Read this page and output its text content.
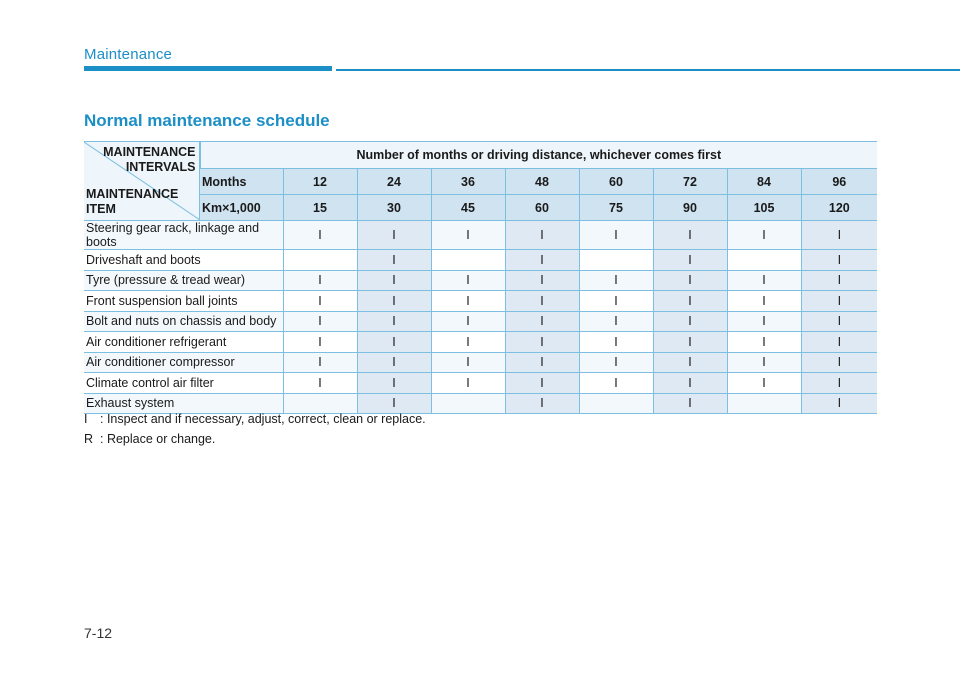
Maintenance
Normal maintenance schedule
MAINTENANCE
INTERVALS
MAINTENANCE
ITEM	Number of months or driving distance, whichever comes first								
	Months	12	24	36	48	60	72	84	96
	Km×1,000	15	30	45	60	75	90	105	120
Steering gear rack, linkage and boots		I	I	I	I	I	I	I	I
Driveshaft and boots			I		I		I		I
Tyre (pressure & tread wear)		I	I	I	I	I	I	I	I
Front suspension ball joints		I	I	I	I	I	I	I	I
Bolt and nuts on chassis and body		I	I	I	I	I	I	I	I
Air conditioner refrigerant		I	I	I	I	I	I	I	I
Air conditioner compressor		I	I	I	I	I	I	I	I
Climate control air filter		I	I	I	I	I	I	I	I
Exhaust system			I		I		I		I
I : Inspect and if necessary, adjust, correct, clean or replace.
R : Replace or change.
7-12
